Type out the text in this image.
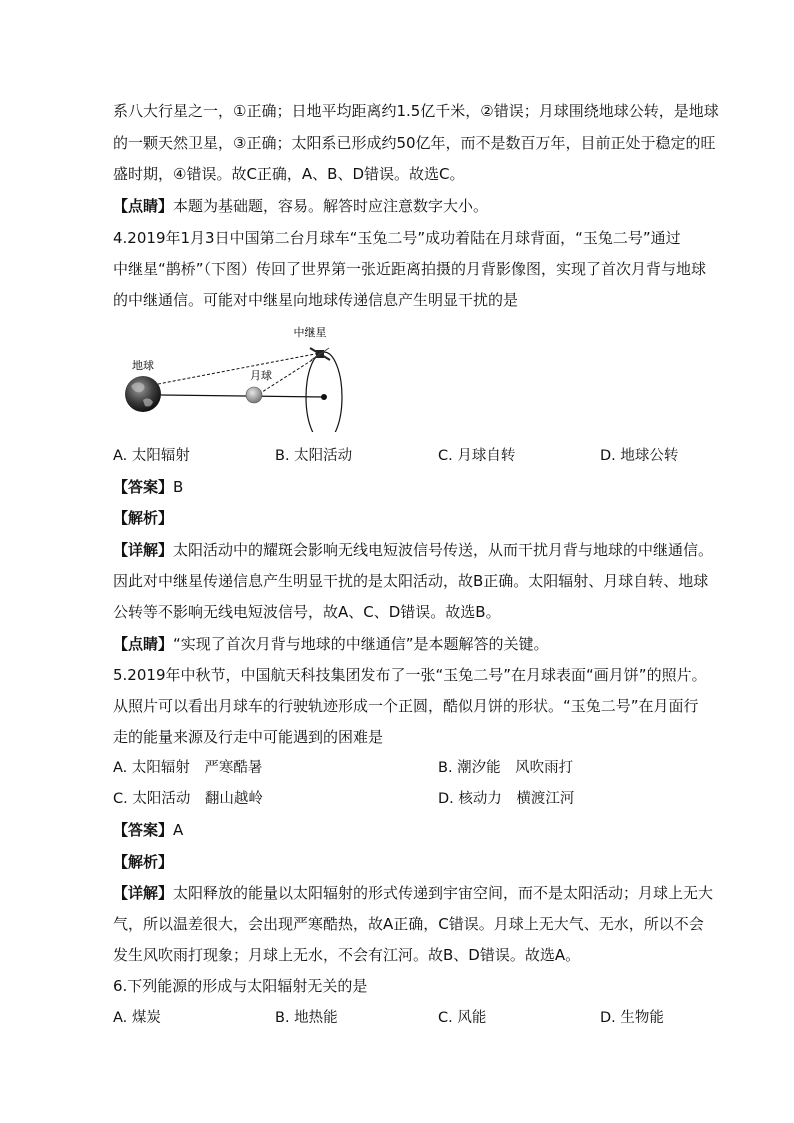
系八大行星之一，①正确；日地平均距离约1.5亿千米，②错误；月球围绕地球公转，是地球
的一颗天然卫星，③正确；太阳系已形成约50亿年，而不是数百万年，目前正处于稳定的旺
盛时期，④错误。故C正确，A、B、D错误。故选C。
【点睛】本题为基础题，容易。解答时应注意数字大小。
4.2019年1月3日中国第二台月球车“玉兔二号”成功着陆在月球背面，“玉兔二号”通过
中继星“鹊桥”（下图）传回了世界第一张近距离拍摄的月背影像图，实现了首次月背与地球
的中继通信。可能对中继星向地球传递信息产生明显干扰的是
地球
月球
中继星
A. 太阳辐射	B. 太阳活动	C. 月球自转	D. 地球公转
【答案】B
【解析】
【详解】太阳活动中的耀斑会影响无线电短波信号传送，从而干扰月背与地球的中继通信。
因此对中继星传递信息产生明显干扰的是太阳活动，故B正确。太阳辐射、月球自转、地球
公转等不影响无线电短波信号，故A、C、D错误。故选B。
【点睛】“实现了首次月背与地球的中继通信”是本题解答的关键。
5.2019年中秋节，中国航天科技集团发布了一张“玉兔二号”在月球表面“画月饼”的照片。
从照片可以看出月球车的行驶轨迹形成一个正圆，酷似月饼的形状。“玉兔二号”在月面行
走的能量来源及行走中可能遇到的困难是
A. 太阳辐射　严寒酷暑	B. 潮汐能　风吹雨打
C. 太阳活动　翻山越岭	D. 核动力　横渡江河
【答案】A
【解析】
【详解】太阳释放的能量以太阳辐射的形式传递到宇宙空间，而不是太阳活动；月球上无大
气，所以温差很大，会出现严寒酷热，故A正确，C错误。月球上无大气、无水，所以不会
发生风吹雨打现象；月球上无水，不会有江河。故B、D错误。故选A。
6.下列能源的形成与太阳辐射无关的是
A. 煤炭	B. 地热能	C. 风能	D. 生物能
